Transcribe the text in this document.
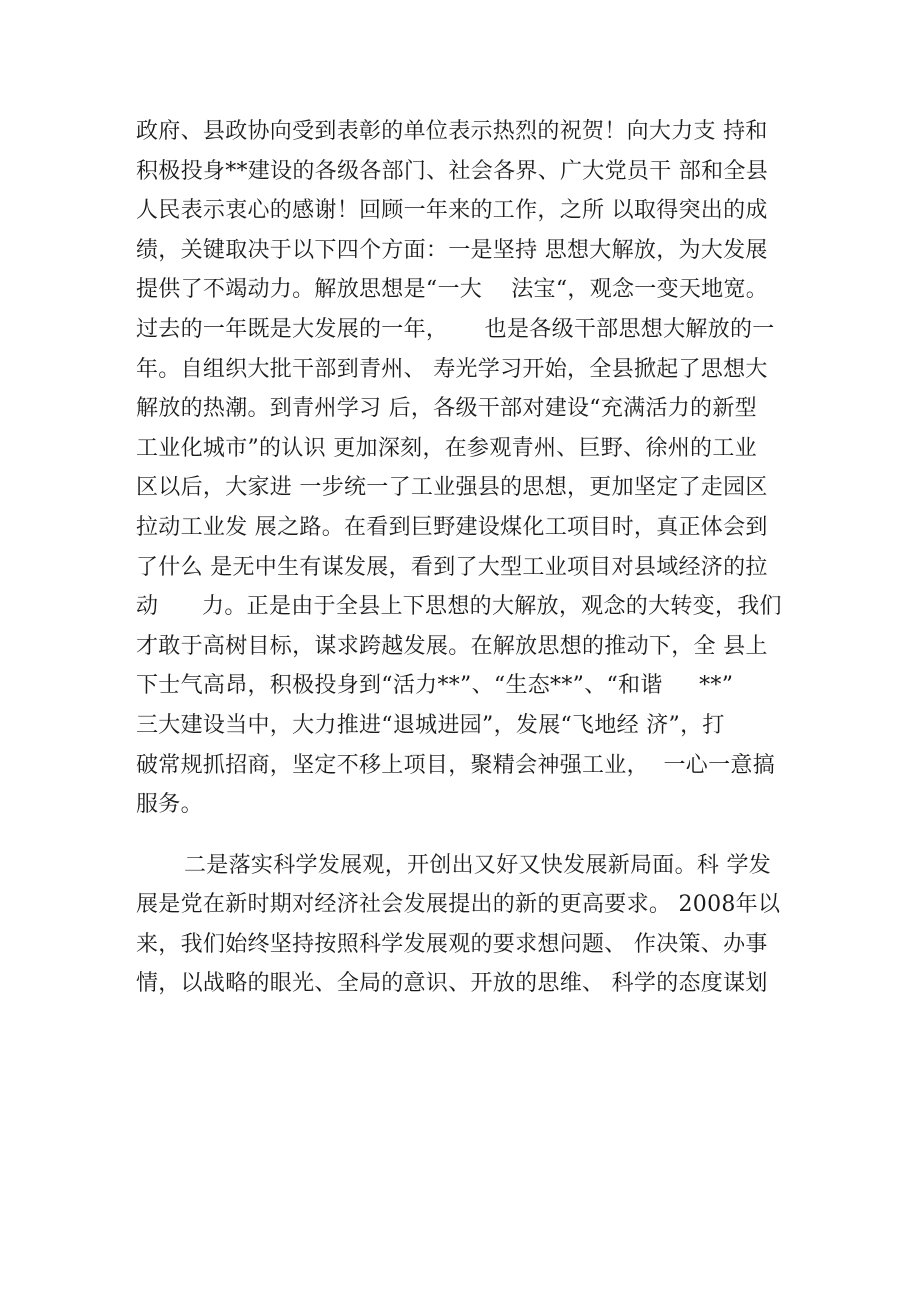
政府、县政协向受到表彰的单位表示热烈的祝贺！向大力支 持和
积极投身**建设的各级各部门、社会各界、广大党员干 部和全县
人民表示衷心的感谢！回顾一年来的工作，之所 以取得突出的成
绩，关键取决于以下四个方面：一是坚持 思想大解放，为大发展
提供了不竭动力。解放思想是“一大    法宝“，观念一变天地宽。
过去的一年既是大发展的一年，     也是各级干部思想大解放的一
年。自组织大批干部到青州、 寿光学习开始，全县掀起了思想大
解放的热潮。到青州学习 后，各级干部对建设“充满活力的新型
工业化城市”的认识 更加深刻，在参观青州、巨野、徐州的工业
区以后，大家进 一步统一了工业强县的思想，更加坚定了走园区
拉动工业发 展之路。在看到巨野建设煤化工项目时，真正体会到
了什么 是无中生有谋发展，看到了大型工业项目对县域经济的拉
动      力。正是由于全县上下思想的大解放，观念的大转变，我们
才敢于高树目标，谋求跨越发展。在解放思想的推动下，全 县上
下士气高昂，积极投身到“活力**”、“生态**”、“和谐     **”
三大建设当中，大力推进“退城进园”，发展“飞地经 济”，打
破常规抓招商，坚定不移上项目，聚精会神强工业，  一心一意搞
服务。
二是落实科学发展观，开创出又好又快发展新局面。科 学发
展是党在新时期对经济社会发展提出的新的更高要求。 2008年以
来，我们始终坚持按照科学发展观的要求想问题、 作决策、办事
情，以战略的眼光、全局的意识、开放的思维、 科学的态度谋划
